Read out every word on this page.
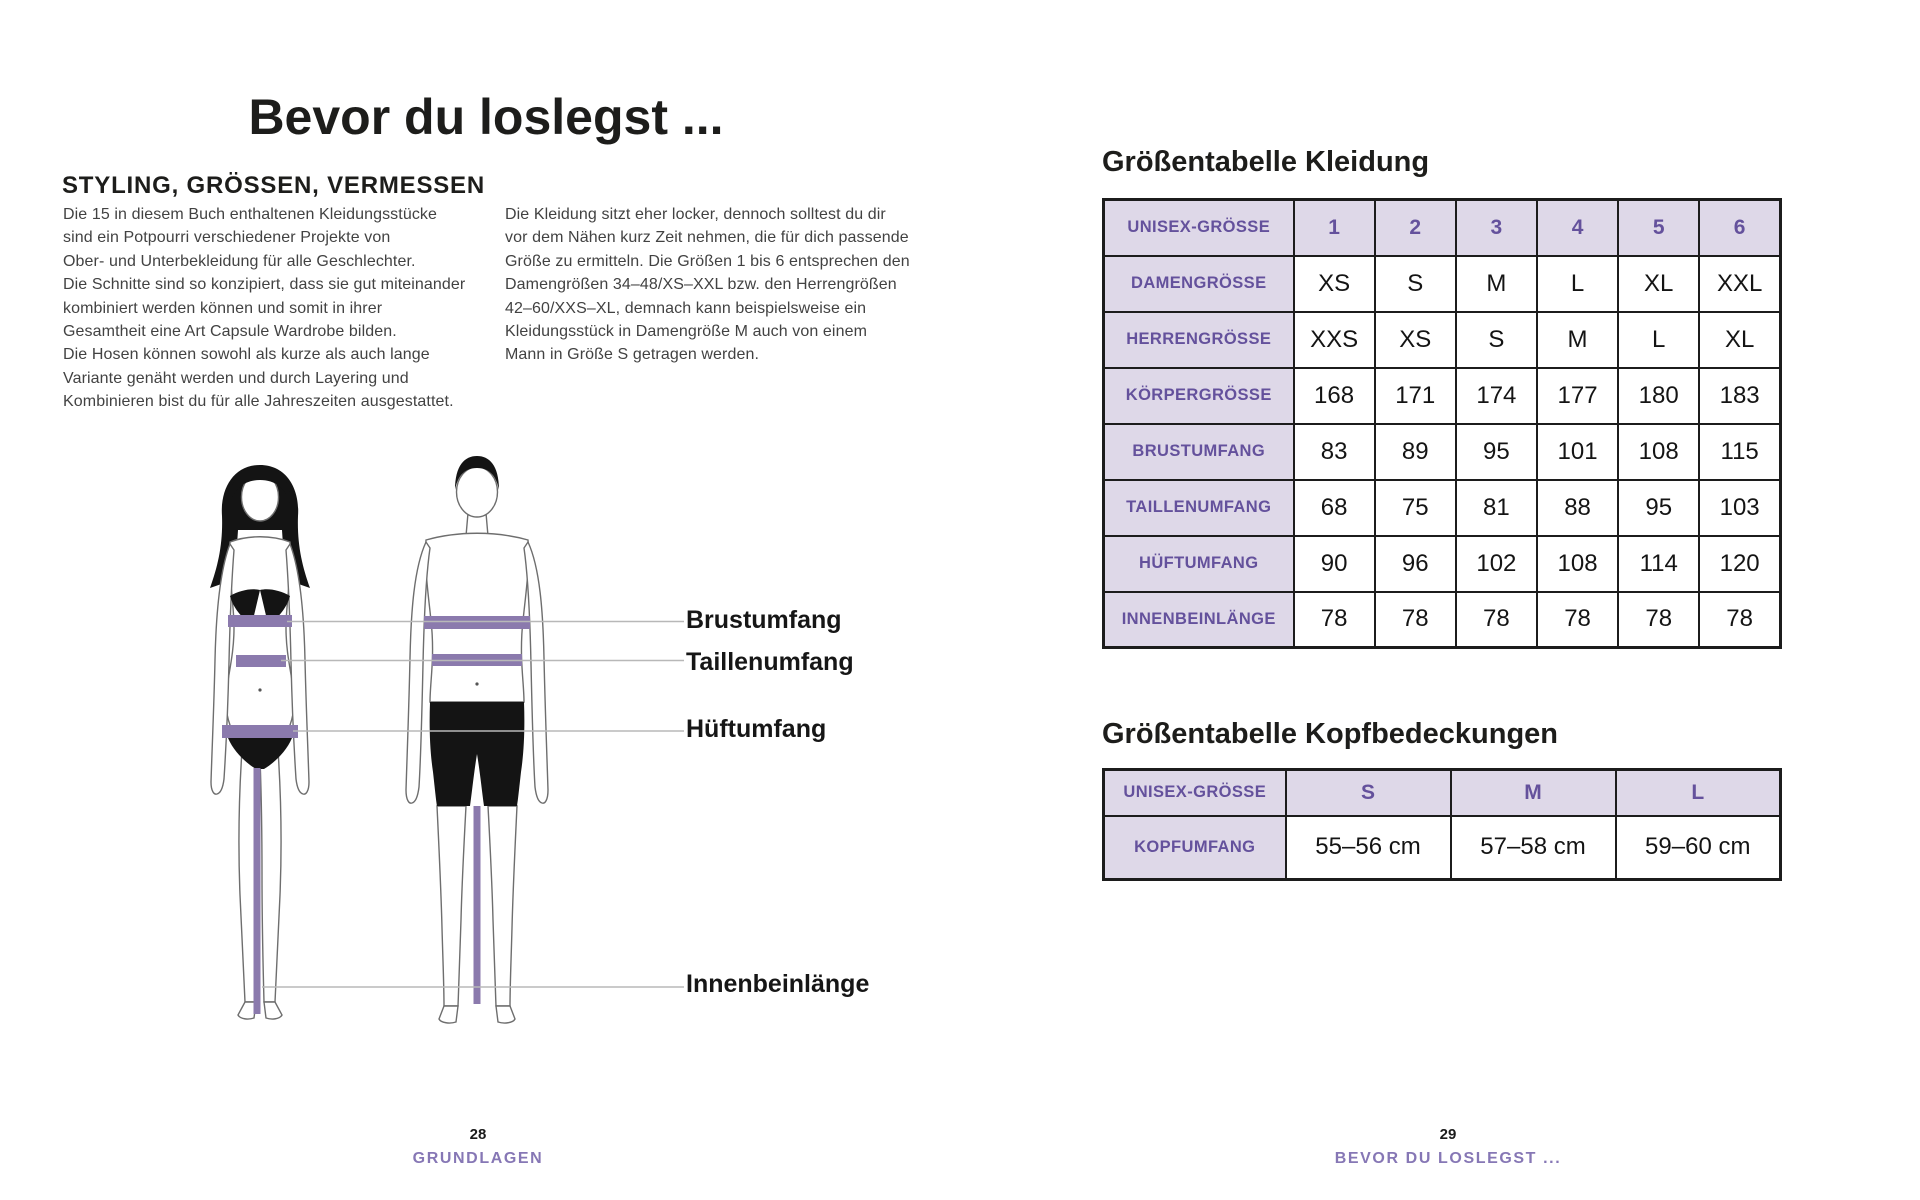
Bevor du loslegst ...
STYLING, GRÖSSEN, VERMESSEN
Die 15 in diesem Buch enthaltenen Kleidungsstücke
sind ein Potpourri verschiedener Projekte von
Ober- und Unterbekleidung für alle Geschlechter.
Die Schnitte sind so konzipiert, dass sie gut miteinander
kombiniert werden können und somit in ihrer
Gesamtheit eine Art Capsule Wardrobe bilden.
Die Hosen können sowohl als kurze als auch lange
Variante genäht werden und durch Layering und
Kombinieren bist du für alle Jahreszeiten ausgestattet.
Die Kleidung sitzt eher locker, dennoch solltest du dir
vor dem Nähen kurz Zeit nehmen, die für dich passende
Größe zu ermitteln. Die Größen 1 bis 6 entsprechen den
Damengrößen 34–48/XS–XXL bzw. den Herrengrößen
42–60/XXS–XL, demnach kann beispielsweise ein
Kleidungsstück in Damengröße M auch von einem
Mann in Größe S getragen werden.
28
GRUNDLAGEN
Größentabelle Kleidung
UNISEX-GRÖSSE	1	2	3	4	5	6
DAMENGRÖSSE	XS	S	M	L	XL	XXL
HERRENGRÖSSE	XXS	XS	S	M	L	XL
KÖRPERGRÖSSE	168	171	174	177	180	183
BRUSTUMFANG	83	89	95	101	108	115
TAILLENUMFANG	68	75	81	88	95	103
HÜFTUMFANG	90	96	102	108	114	120
INNENBEINLÄNGE	78	78	78	78	78	78
Größentabelle Kopfbedeckungen
UNISEX-GRÖSSE	S	M	L
KOPFUMFANG	55–56 cm	57–58 cm	59–60 cm
29
BEVOR DU LOSLEGST ...
Brustumfang
Taillenumfang
Hüftumfang
Innenbeinlänge
